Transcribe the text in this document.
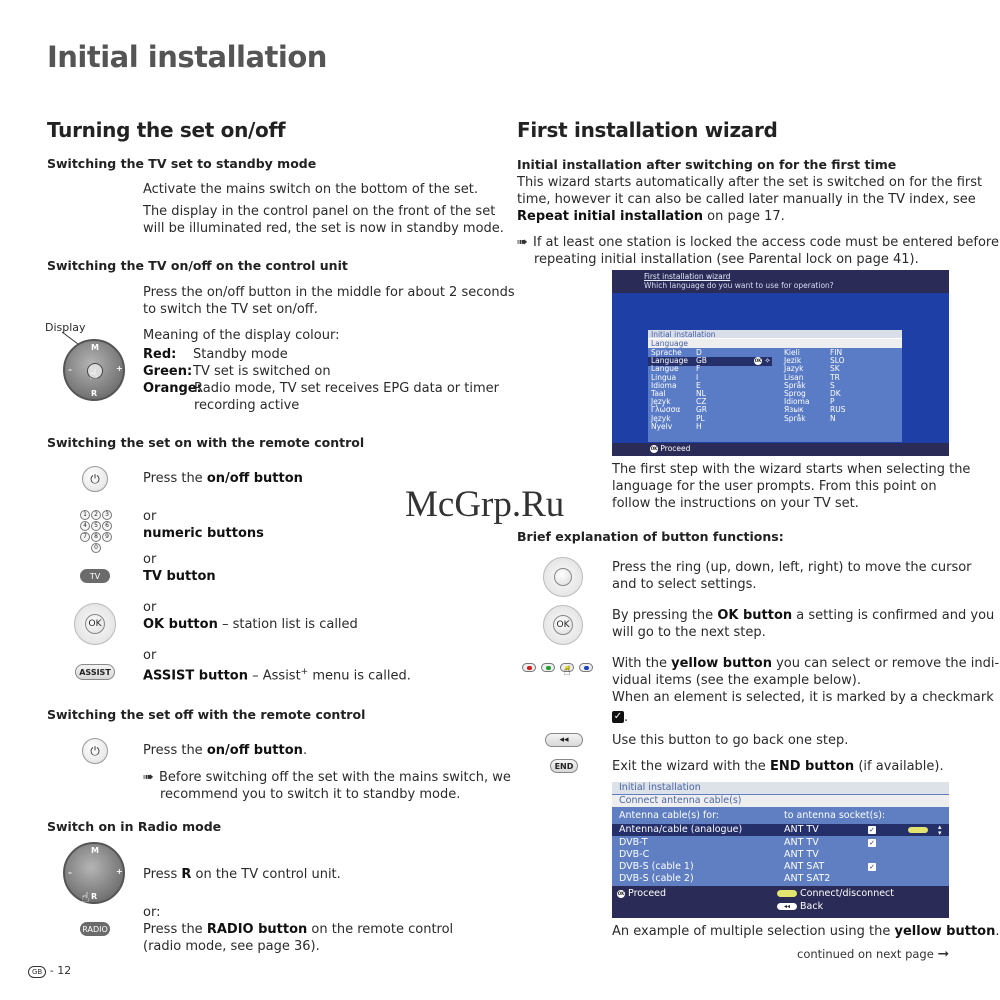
Initial installation
Turning the set on/off
Switching the TV set to standby mode
Activate the mains switch on the bottom of the set.
The display in the control panel on the front of the set
will be illuminated red, the set is now in standby mode.
Switching the TV on/off on the control unit
Press the on/off button in the middle for about 2 seconds
to switch the TV set on/off.
Display
M
R
–	+
☝
Meaning of the display colour:
Red: Standby mode
Green: TV set is switched on
Orange:
Radio mode, TV set receives EPG data or timer
recording active
Switching the set on with the remote control
⏻	Press the on/off button
1	2	3
4	5	6
7	8	9
0
or
numeric buttons
or
TV	TV button
or
OK	OK button – station list is called
or
ASSIST	ASSIST button – Assist+ menu is called.
Switching the set off with the remote control
⏻	Press the on/off button.
➠ Before switching off the set with the mains switch, we
recommend you to switch it to standby mode.
Switch on in Radio mode
M
R
–	+
☝
Press R on the TV control unit.
or:
RADIO	Press the RADIO button on the remote control
(radio mode, see page 36).
First installation wizard
Initial installation after switching on for the first time
This wizard starts automatically after the set is switched on for the first
time, however it can also be called later manually in the TV index, see
Repeat initial installation on page 17.
➠ If at least one station is locked the access code must be entered before
repeating initial installation (see Parental lock on page 41).
First installation wizard
Which language do you want to use for operation?
Initial installation
Language
Sprache D
Language GB
Langue F
Lingua	I
Idioma	E
Taal	NL
Język	CZ
Γλώσσα GR
Język	PL
Nyelv	H
Kieli	FIN
Jezik	SLO
Jazyk	SK
Lisan	TR
Språk	S
Sprog	DK
Idioma	P
Язык	RUS
Språk	N
OK ✧
OK Proceed
The first step with the wizard starts when selecting the
language for the user prompts. From this point on
follow the instructions on your TV set.
McGrp.Ru
Brief explanation of button functions:
Press the ring (up, down, left, right) to move the cursor
and to select settings.
OK
By pressing the OK button a setting is confirmed and you
will go to the next step.
☝
With the yellow button you can select or remove the indi-
vidual items (see the example below).
When an element is selected, it is marked by a checkmark
✓ .
◂◂	Use this button to go back one step.
END	Exit the wizard with the END button (if available).
Initial installation
Connect antenna cable(s)
Antenna cable(s) for:	to antenna socket(s):
Antenna/cable (analogue)	ANT TV	✓	▴
▾
DVB-T	ANT TV	✓
DVB-C	ANT TV
DVB-S (cable 1)	ANT SAT	✓
DVB-S (cable 2)	ANT SAT2
OK Proceed	Connect/disconnect
◂◂ Back
An example of multiple selection using the yellow button.
continued on next page ➞
GB - 12
